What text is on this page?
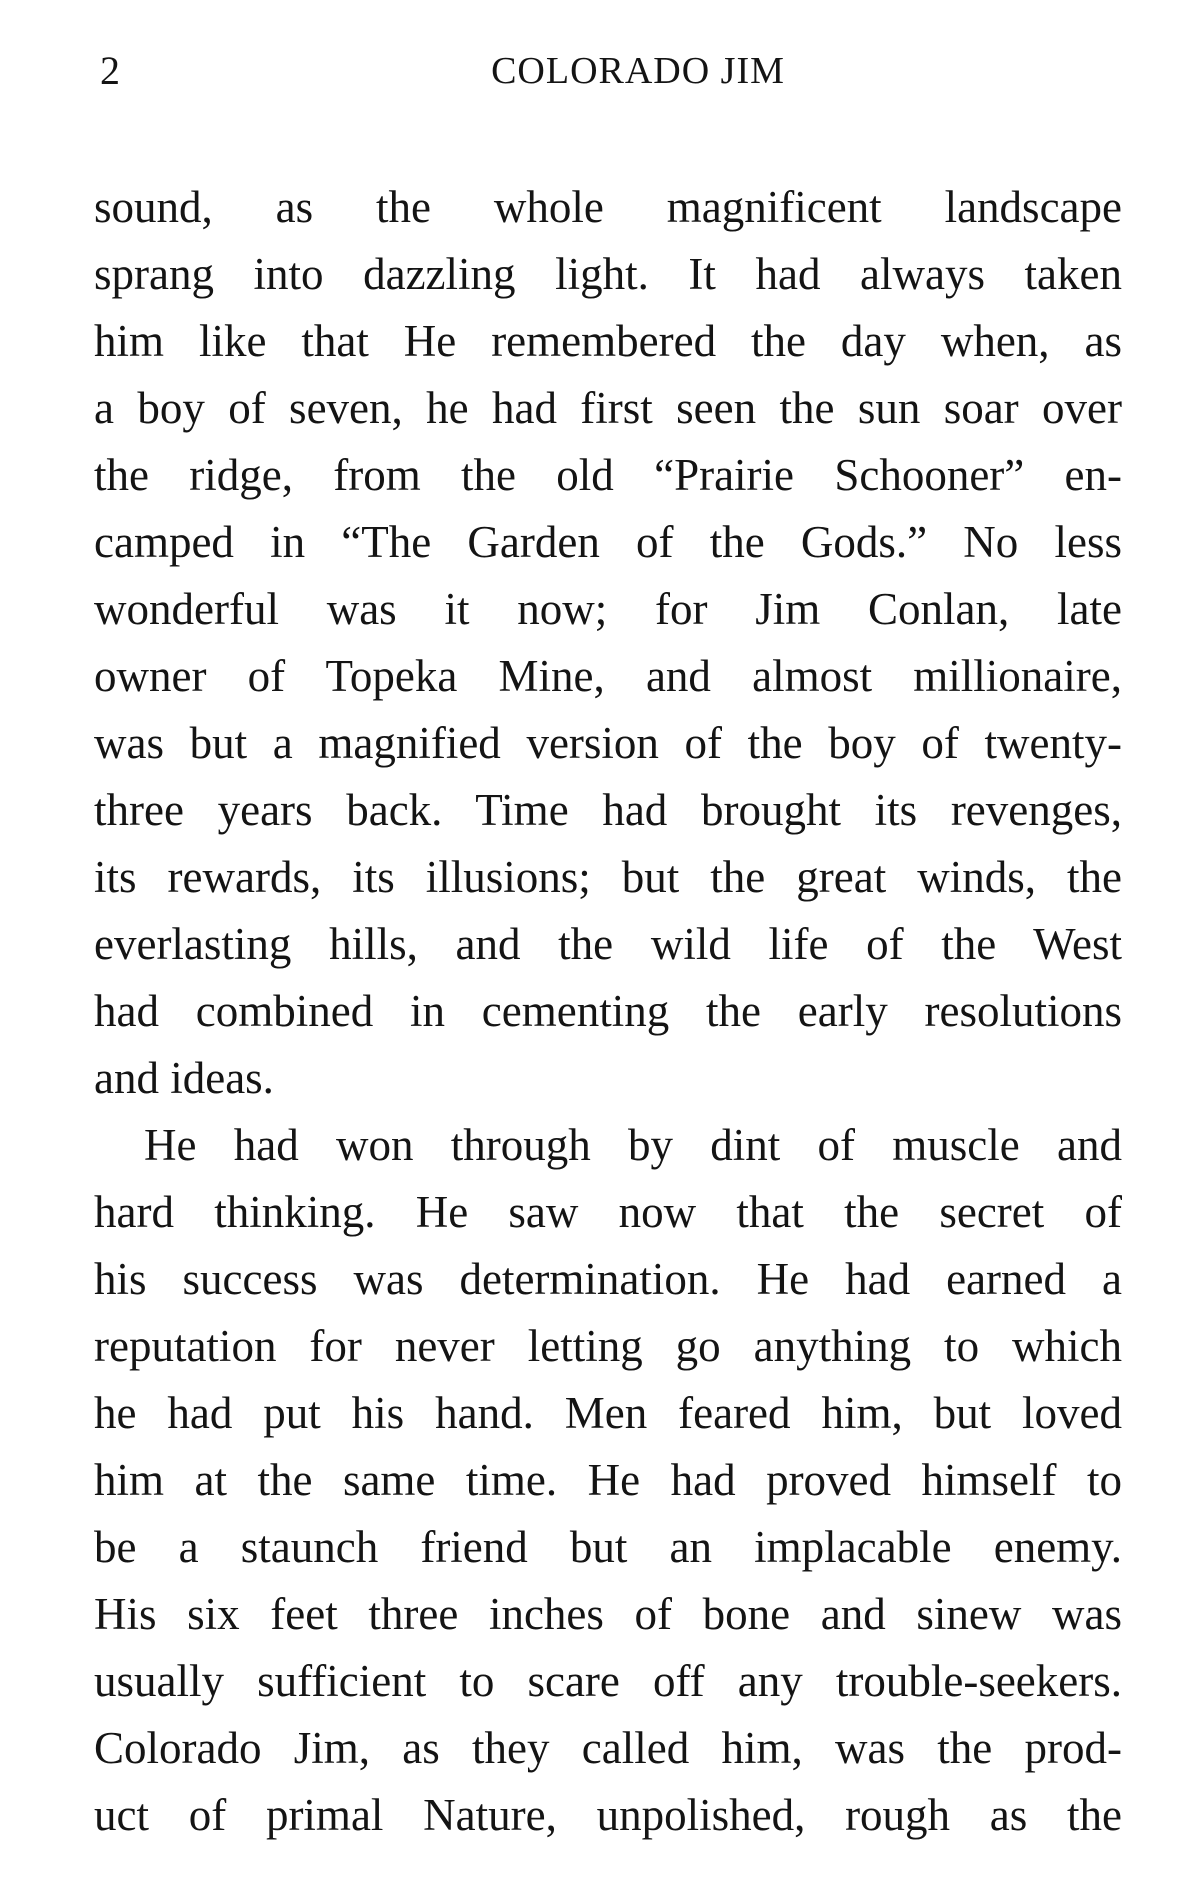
2	COLORADO JIM
sound, as the whole magnificent landscape
sprang into dazzling light. It had always taken
him like that He remembered the day when, as
a boy of seven, he had first seen the sun soar over
the ridge, from the old “Prairie Schooner” en-
camped in “The Garden of the Gods.” No less
wonderful was it now; for Jim Conlan, late
owner of Topeka Mine, and almost millionaire,
was but a magnified version of the boy of twenty-
three years back. Time had brought its revenges,
its rewards, its illusions; but the great winds, the
everlasting hills, and the wild life of the West
had combined in cementing the early resolutions
and ideas.
He had won through by dint of muscle and
hard thinking. He saw now that the secret of
his success was determination. He had earned a
reputation for never letting go anything to which
he had put his hand. Men feared him, but loved
him at the same time. He had proved himself to
be a staunch friend but an implacable enemy.
His six feet three inches of bone and sinew was
usually sufficient to scare off any trouble-seekers.
Colorado Jim, as they called him, was the prod-
uct of primal Nature, unpolished, rough as the
